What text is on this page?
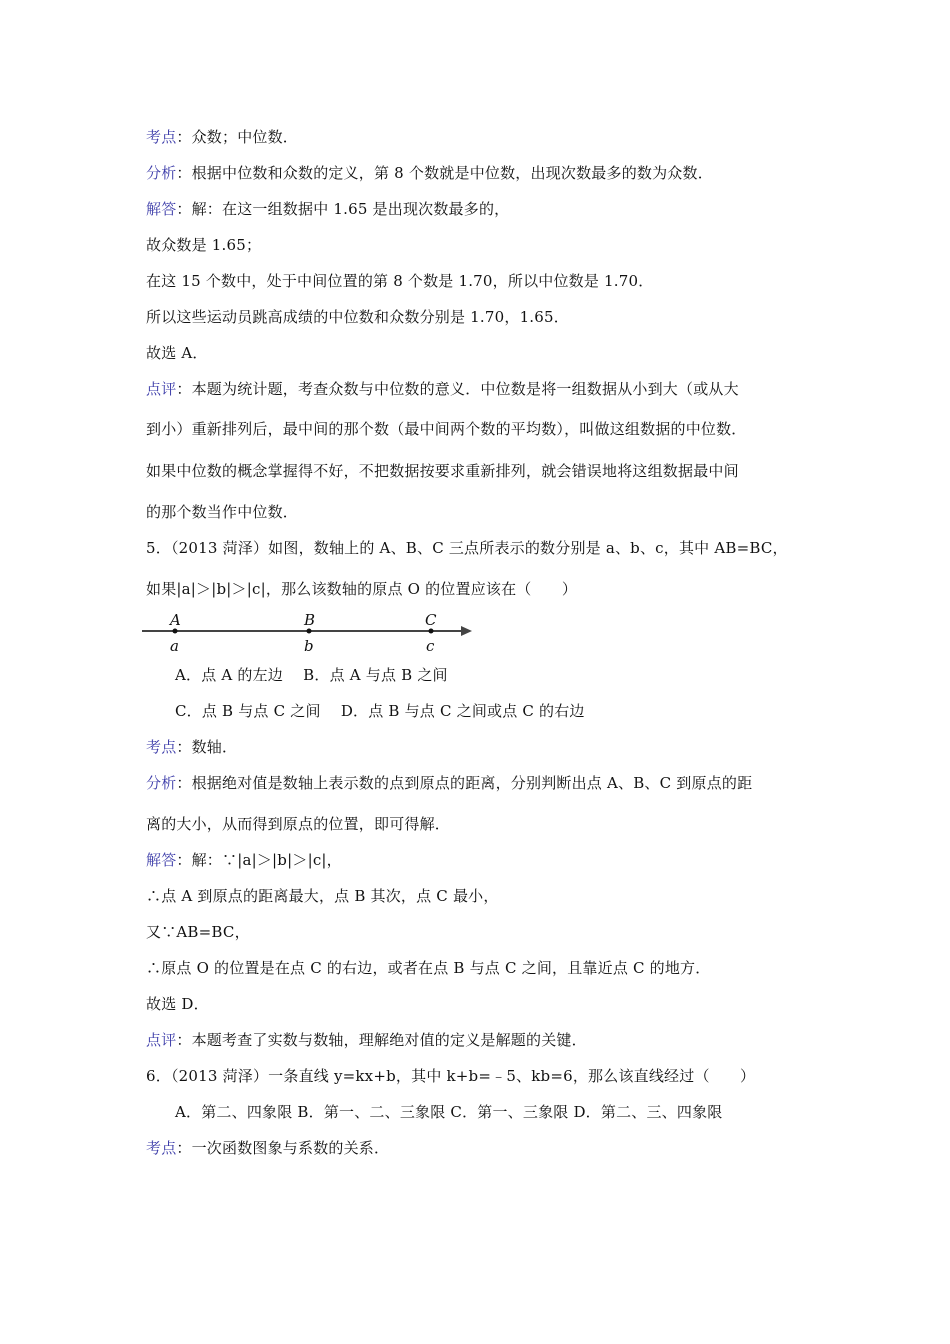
考点：众数；中位数．
分析：根据中位数和众数的定义，第 8 个数就是中位数，出现次数最多的数为众数．
解答：解：在这一组数据中 1.65 是出现次数最多的，
故众数是 1.65；
在这 15 个数中，处于中间位置的第 8 个数是 1.70，所以中位数是 1.70．
所以这些运动员跳高成绩的中位数和众数分别是 1.70，1.65．
故选 A．
点评：本题为统计题，考查众数与中位数的意义．中位数是将一组数据从小到大（或从大
到小）重新排列后，最中间的那个数（最中间两个数的平均数），叫做这组数据的中位数．
如果中位数的概念掌握得不好，不把数据按要求重新排列，就会错误地将这组数据最中间
的那个数当作中位数．
5．（2013 菏泽）如图，数轴上的 A、B、C 三点所表示的数分别是 a、b、c，其中 AB=BC，
如果|a|＞|b|＞|c|，那么该数轴的原点 O 的位置应该在（　　）
A	B	C
a	b	c
A．点 A 的左边　 B．点 A 与点 B 之间
C．点 B 与点 C 之间　 D．点 B 与点 C 之间或点 C 的右边
考点：数轴．
分析：根据绝对值是数轴上表示数的点到原点的距离，分别判断出点 A、B、C 到原点的距
离的大小，从而得到原点的位置，即可得解．
解答：解：∵|a|＞|b|＞|c|，
∴点 A 到原点的距离最大，点 B 其次，点 C 最小，
又∵AB=BC，
∴原点 O 的位置是在点 C 的右边，或者在点 B 与点 C 之间，且靠近点 C 的地方．
故选 D．
点评：本题考查了实数与数轴，理解绝对值的定义是解题的关键．
6．（2013 菏泽）一条直线 y=kx+b，其中 k+b=﹣5、kb=6，那么该直线经过（　　）
A．第二、四象限 B．第一、二、三象限 C．第一、三象限 D．第二、三、四象限
考点：一次函数图象与系数的关系．
